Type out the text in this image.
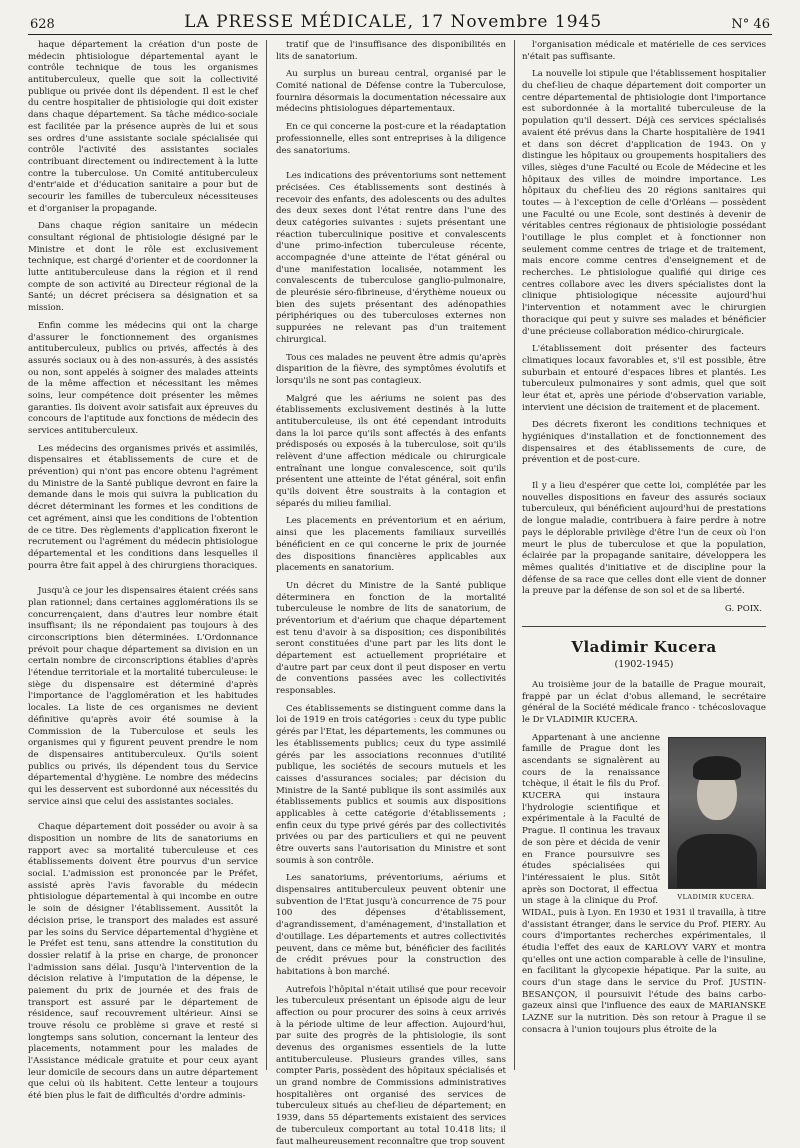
628	LA PRESSE MÉDICALE, 17 Novembre 1945	N° 46

haque département la création d'un poste de médecin phtisiologue départemental ayant le contrôle technique de tous les organismes antituberculeux, quelle que soit la collectivité publique ou privée dont ils dépendent. Il est le chef du centre hospitalier de phtisiologie qui doit exister dans chaque département. Sa tâche médico-sociale est facilitée par la présence auprès de lui et sous ses ordres d'une assistante sociale spécialisée qui contrôle l'activité des assistantes sociales contribuant directement ou indirectement à la lutte contre la tuberculose. Un Comité antituberculeux d'entr'aide et d'éducation sanitaire a pour but de secourir les familles de tuberculeux nécessiteuses et d'organiser la propagande.

Dans chaque région sanitaire un médecin consultant régional de phtisiologie désigné par le Ministre et dont le rôle est exclusivement technique, est chargé d'orienter et de coordonner la lutte antituberculeuse dans la région et il rend compte de son activité au Directeur régional de la Santé; un décret précisera sa désignation et sa mission.

Enfin comme les médecins qui ont la charge d'assurer le fonctionnement des organismes antituberculeux, publics ou privés, affectés à des assurés sociaux ou à des non-assurés, à des assistés ou non, sont appelés à soigner des malades atteints de la même affection et nécessitant les mêmes soins, leur compétence doit présenter les mêmes garanties. Ils doivent avoir satisfait aux épreuves du concours de l'aptitude aux fonctions de médecin des services antituberculeux.

Les médecins des organismes privés et assimilés, dispensaires et établissements de cure et de prévention) qui n'ont pas encore obtenu l'agrément du Ministre de la Santé publique devront en faire la demande dans le mois qui suivra la publication du décret déterminant les formes et les conditions de cet agrément, ainsi que les conditions de l'obtention de ce titre. Des règlements d'application fixeront le recrutement ou l'agrément du médecin phtisiologue départemental et les conditions dans lesquelles il pourra être fait appel à des chirurgiens thoraciques.

Jusqu'à ce jour les dispensaires étaient créés sans plan rationnel; dans certaines agglomérations ils se concurrençaient, dans d'autres leur nombre était insuffisant; ils ne répondaient pas toujours à des circonscriptions bien déterminées. L'Ordonnance prévoit pour chaque département sa division en un certain nombre de circonscriptions établies d'après l'étendue territoriale et la mortalité tuberculeuse: le siège du dispensaire est déterminé d'après l'importance de l'agglomération et les habitudes locales. La liste de ces organismes ne devient définitive qu'après avoir été soumise à la Commission de la Tuberculose et seuls les organismes qui y figurent peuvent prendre le nom de dispensaires antituberculeux. Qu'ils soient publics ou privés, ils dépendent tous du Service départemental d'hygiène. Le nombre des médecins qui les desservent est subordonné aux nécessités du service ainsi que celui des assistantes sociales.

Chaque département doit posséder ou avoir à sa disposition un nombre de lits de sanatoriums en rapport avec sa mortalité tuberculeuse et ces établissements doivent être pourvus d'un service social. L'admission est prononcée par le Préfet, assisté après l'avis favorable du médecin phtisiologue départemental à qui incombe en outre le soin de désigner l'établissement. Aussitôt la décision prise, le transport des malades est assuré par les soins du Service départemental d'hygiène et le Préfet est tenu, sans attendre la constitution du dossier relatif à la prise en charge, de prononcer l'admission sans délai. Jusqu'à l'intervention de la décision relative à l'imputation de la dépense, le paiement du prix de journée et des frais de transport est assuré par le département de résidence, sauf recouvrement ultérieur. Ainsi se trouve résolu ce problème si grave et resté si longtemps sans solution, concernant la lenteur des placements, notamment pour les malades de l'Assistance médicale gratuite et pour ceux ayant leur domicile de secours dans un autre département que celui où ils habitent. Cette lenteur a toujours été bien plus le fait de difficultés d'ordre adminis-

tratif que de l'insuffisance des disponibilités en lits de sanatorium.

Au surplus un bureau central, organisé par le Comité national de Défense contre la Tuberculose, fournira désormais la documentation nécessaire aux médecins phtisiologues départementaux.

En ce qui concerne la post-cure et la réadaptation professionnelle, elles sont entreprises à la diligence des sanatoriums.

Les indications des préventoriums sont nettement précisées. Ces établissements sont destinés à recevoir des enfants, des adolescents ou des adultes des deux sexes dont l'état rentre dans l'une des deux catégories suivantes : sujets présentant une réaction tuberculinique positive et convalescents d'une primo-infection tuberculeuse récente, accompagnée d'une atteinte de l'état général ou d'une manifestation localisée, notamment les convalescents de tuberculose ganglio-pulmonaire, de pleurésie séro-fibrineuse, d'érythème noueux ou bien des sujets présentant des adénopathies périphériques ou des tuberculoses externes non suppurées ne relevant pas d'un traitement chirurgical.

Tous ces malades ne peuvent être admis qu'après disparition de la fièvre, des symptômes évolutifs et lorsqu'ils ne sont pas contagieux.

Malgré que les aériums ne soient pas des établissements exclusivement destinés à la lutte antituberculeuse, ils ont été cependant introduits dans la loi parce qu'ils sont affectés à des enfants prédisposés ou exposés à la tuberculose, soit qu'ils relèvent d'une affection médicale ou chirurgicale entraînant une longue convalescence, soit qu'ils présentent une atteinte de l'état général, soit enfin qu'ils doivent être soustraits à la contagion et séparés du milieu familial.

Les placements en préventorium et en aérium, ainsi que les placements familiaux surveillés bénéficient en ce qui concerne le prix de journée des dispositions financières applicables aux placements en sanatorium.

Un décret du Ministre de la Santé publique déterminera en fonction de la mortalité tuberculeuse le nombre de lits de sanatorium, de préventorium et d'aérium que chaque département est tenu d'avoir à sa disposition; ces disponibilités seront constituées d'une part par les lits dont le département est actuellement propriétaire et d'autre part par ceux dont il peut disposer en vertu de conventions passées avec les collectivités responsables.

Ces établissements se distinguent comme dans la loi de 1919 en trois catégories : ceux du type public gérés par l'Etat, les départements, les communes ou les établissements publics; ceux du type assimilé gérés par les associations reconnues d'utilité publique, les sociétés de secours mutuels et les caisses d'assurances sociales; par décision du Ministre de la Santé publique ils sont assimilés aux établissements publics et soumis aux dispositions applicables à cette catégorie d'établissements ; enfin ceux du type privé gérés par des collectivités privées ou par des particuliers et qui ne peuvent être ouverts sans l'autorisation du Ministre et sont soumis à son contrôle.

Les sanatoriums, préventoriums, aériums et dispensaires antituberculeux peuvent obtenir une subvention de l'Etat jusqu'à concurrence de 75 pour 100 des dépenses d'établissement, d'agrandissement, d'aménagement, d'installation et d'outillage. Les départements et autres collectivités peuvent, dans ce même but, bénéficier des facilités de crédit prévues pour la construction des habitations à bon marché.

Autrefois l'hôpital n'était utilisé que pour recevoir les tuberculeux présentant un épisode aigu de leur affection ou pour procurer des soins à ceux arrivés à la période ultime de leur affection. Aujourd'hui, par suite des progrès de la phtisiologie, ils sont devenus des organismes essentiels de la lutte antituberculeuse. Plusieurs grandes villes, sans compter Paris, possèdent des hôpitaux spécialisés et un grand nombre de Commissions administratives hospitalières ont organisé des services de tuberculeux situés au chef-lieu de département; en 1939, dans 55 départements existaient des services de tuberculeux comportant au total 10.418 lits; il faut malheureusement reconnaître que trop souvent

l'organisation médicale et matérielle de ces services n'était pas suffisante.

La nouvelle loi stipule que l'établissement hospitalier du chef-lieu de chaque département doit comporter un centre départemental de phtisiologie dont l'importance est subordonnée à la mortalité tuberculeuse de la population qu'il dessert. Déjà ces services spécialisés avaient été prévus dans la Charte hospitalière de 1941 et dans son décret d'application de 1943. On y distingue les hôpitaux ou groupements hospitaliers des villes, sièges d'une Faculté ou Ecole de Médecine et les hôpitaux des villes de moindre importance. Les hôpitaux du chef-lieu des 20 régions sanitaires qui toutes — à l'exception de celle d'Orléans — possèdent une Faculté ou une Ecole, sont destinés à devenir de véritables centres régionaux de phtisiologie possédant l'outillage le plus complet et à fonctionner non seulement comme centres de triage et de traitement, mais encore comme centres d'enseignement et de recherches. Le phtisiologue qualifié qui dirige ces centres collabore avec les divers spécialistes dont la clinique phtisiologique nécessite aujourd'hui l'intervention et notamment avec le chirurgien thoracique qui peut y suivre ses malades et bénéficier d'une précieuse collaboration médico-chirurgicale.

L'établissement doit présenter des facteurs climatiques locaux favorables et, s'il est possible, être suburbain et entouré d'espaces libres et plantés. Les tuberculeux pulmonaires y sont admis, quel que soit leur état et, après une période d'observation variable, intervient une décision de traitement et de placement.

Des décrets fixeront les conditions techniques et hygiéniques d'installation et de fonctionnement des dispensaires et des établissements de cure, de prévention et de post-cure.

Il y a lieu d'espérer que cette loi, complétée par les nouvelles dispositions en faveur des assurés sociaux tuberculeux, qui bénéficient aujourd'hui de prestations de longue maladie, contribuera à faire perdre à notre pays le déplorable privilège d'être l'un de ceux où l'on meurt le plus de tuberculose et que la population, éclairée par la propagande sanitaire, développera les mêmes qualités d'initiative et de discipline pour la défense de sa race que celles dont elle vient de donner la preuve par la défense de son sol et de sa liberté.

G. POIX.
Vladimir Kucera
(1902-1945)

Au troisième jour de la bataille de Prague mourait, frappé par un éclat d'obus allemand, le secrétaire général de la Société médicale franco - tchécoslovaque le Dr VLADIMIR KUCERA.

VLADIMIR KUCERA.

Appartenant à une ancienne famille de Prague dont les ascendants se signalèrent au cours de la renaissance tchèque, il était le fils du Prof. KUCERA qui instaura l'hydrologie scientifique et expérimentale à la Faculté de Prague. Il continua les travaux de son père et décida de venir en France poursuivre ses études spécialisées qui l'intéressaient le plus. Sitôt après son Doctorat, il effectua un stage à la clinique du Prof. WIDAL, puis à Lyon. En 1930 et 1931 il travailla, à titre d'assistant étranger, dans le service du Prof. PIERY. Au cours d'importantes recherches expérimentales, il étudia l'effet des eaux de KARLOVY VARY et montra qu'elles ont une action comparable à celle de l'insuline, en facilitant la glycopexie hépatique. Par la suite, au cours d'un stage dans le service du Prof. JUSTIN-BESANÇON, il poursuivit l'étude des bains carbo-gazeux ainsi que l'influence des eaux de MARIANSKE LAZNE sur la nutrition. Dès son retour à Prague il se consacra à l'union toujours plus étroite de la
